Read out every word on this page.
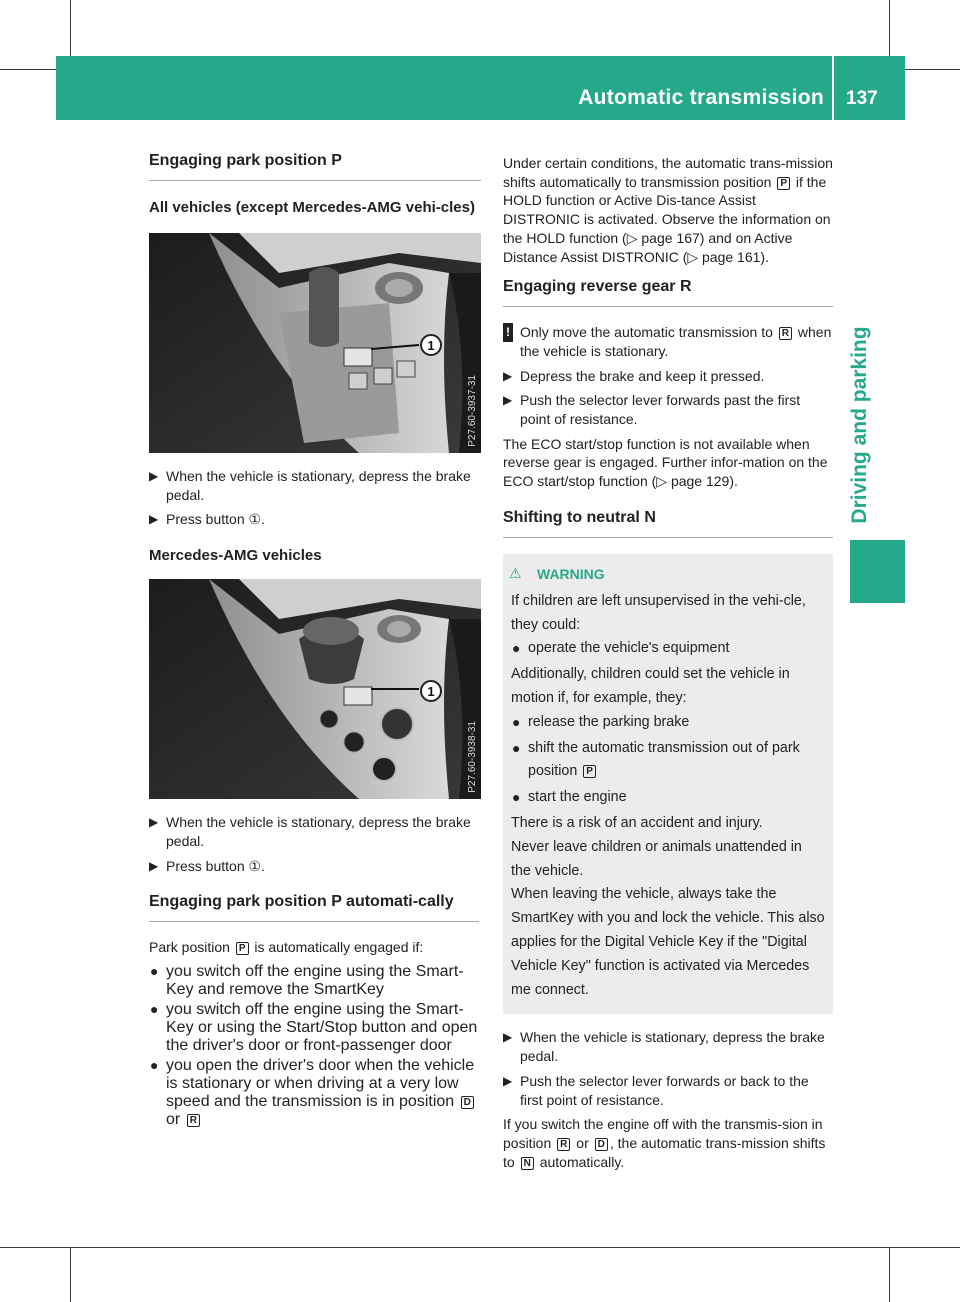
Automatic transmission 137
Driving and parking
Engaging park position P
All vehicles (except Mercedes-AMG vehi-cles)
1
P27.60-3937-31
▶ When the vehicle is stationary, depress the brake pedal.
▶ Press button ①.
Mercedes-AMG vehicles
1
P27.60-3938-31
▶ When the vehicle is stationary, depress the brake pedal.
▶ Press button ①.
Engaging park position P automati-cally

Park position P is automatically engaged if:

● you switch off the engine using the Smart-Key and remove the SmartKey
● you switch off the engine using the Smart-Key or using the Start/Stop button and open the driver's door or front-passenger door
● you open the driver's door when the vehicle is stationary or when driving at a very low speed and the transmission is in position D or R

Under certain conditions, the automatic trans-mission shifts automatically to transmission position P if the HOLD function or Active Dis-tance Assist DISTRONIC is activated. Observe the information on the HOLD function (▷ page 167) and on Active Distance Assist DISTRONIC (▷ page 161).

Engaging reverse gear R

! Only move the automatic transmission to R when the vehicle is stationary.

▶ Depress the brake and keep it pressed.
▶ Push the selector lever forwards past the first point of resistance.

The ECO start/stop function is not available when reverse gear is engaged. Further infor-mation on the ECO start/stop function (▷ page 129).

Shifting to neutral N
⚠ WARNING

If children are left unsupervised in the vehi-cle, they could:

● operate the vehicle's equipment

Additionally, children could set the vehicle in motion if, for example, they:

● release the parking brake
● shift the automatic transmission out of park position P
● start the engine

There is a risk of an accident and injury.

Never leave children or animals unattended in the vehicle.

When leaving the vehicle, always take the SmartKey with you and lock the vehicle. This also applies for the Digital Vehicle Key if the "Digital Vehicle Key" function is activated via Mercedes me connect.

▶ When the vehicle is stationary, depress the brake pedal.
▶ Push the selector lever forwards or back to the first point of resistance.

If you switch the engine off with the transmis-sion in position R or D , the automatic trans-mission shifts to N automatically.
